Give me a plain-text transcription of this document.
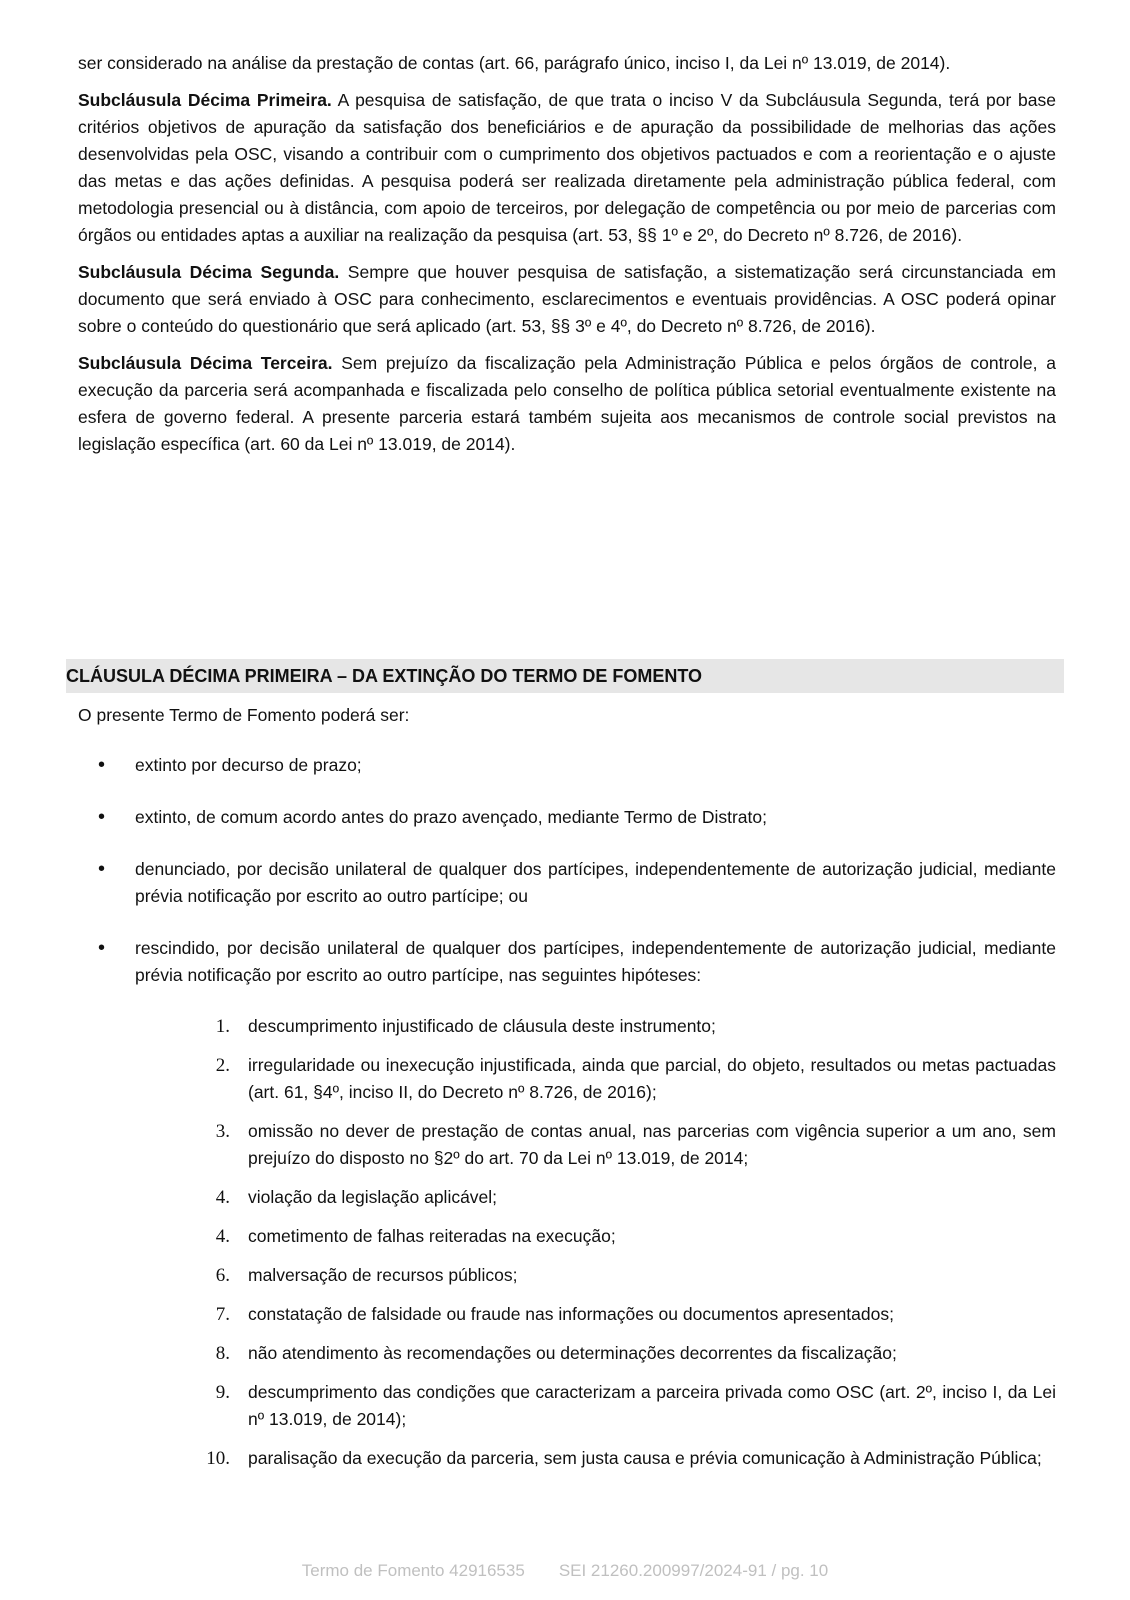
ser considerado na análise da prestação de contas (art. 66, parágrafo único, inciso I, da Lei nº 13.019, de 2014).

Subcláusula Décima Primeira. A pesquisa de satisfação, de que trata o inciso V da Subcláusula Segunda, terá por base critérios objetivos de apuração da satisfação dos beneficiários e de apuração da possibilidade de melhorias das ações desenvolvidas pela OSC, visando a contribuir com o cumprimento dos objetivos pactuados e com a reorientação e o ajuste das metas e das ações definidas. A pesquisa poderá ser realizada diretamente pela administração pública federal, com metodologia presencial ou à distância, com apoio de terceiros, por delegação de competência ou por meio de parcerias com órgãos ou entidades aptas a auxiliar na realização da pesquisa (art. 53, §§ 1º e 2º, do Decreto nº 8.726, de 2016).

Subcláusula Décima Segunda. Sempre que houver pesquisa de satisfação, a sistematização será circunstanciada em documento que será enviado à OSC para conhecimento, esclarecimentos e eventuais providências. A OSC poderá opinar sobre o conteúdo do questionário que será aplicado (art. 53, §§ 3º e 4º, do Decreto nº 8.726, de 2016).

Subcláusula Décima Terceira. Sem prejuízo da fiscalização pela Administração Pública e pelos órgãos de controle, a execução da parceria será acompanhada e fiscalizada pelo conselho de política pública setorial eventualmente existente na esfera de governo federal. A presente parceria estará também sujeita aos mecanismos de controle social previstos na legislação específica (art. 60 da Lei nº 13.019, de 2014).

CLÁUSULA DÉCIMA PRIMEIRA – DA EXTINÇÃO DO TERMO DE FOMENTO
O presente Termo de Fomento poderá ser:
• extinto por decurso de prazo;
• extinto, de comum acordo antes do prazo avençado, mediante Termo de Distrato;
• denunciado, por decisão unilateral de qualquer dos partícipes, independentemente de autorização judicial, mediante prévia notificação por escrito ao outro partícipe; ou
• rescindido, por decisão unilateral de qualquer dos partícipes, independentemente de autorização judicial, mediante prévia notificação por escrito ao outro partícipe, nas seguintes hipóteses:
1. descumprimento injustificado de cláusula deste instrumento;
2. irregularidade ou inexecução injustificada, ainda que parcial, do objeto, resultados ou metas pactuadas (art. 61, §4º, inciso II, do Decreto nº 8.726, de 2016);
3. omissão no dever de prestação de contas anual, nas parcerias com vigência superior a um ano, sem prejuízo do disposto no §2º do art. 70 da Lei nº 13.019, de 2014;
4. violação da legislação aplicável;
4. cometimento de falhas reiteradas na execução;
6. malversação de recursos públicos;
7. constatação de falsidade ou fraude nas informações ou documentos apresentados;
8. não atendimento às recomendações ou determinações decorrentes da fiscalização;
9. descumprimento das condições que caracterizam a parceira privada como OSC (art. 2º, inciso I, da Lei nº 13.019, de 2014);
10. paralisação da execução da parceria, sem justa causa e prévia comunicação à Administração Pública;
Termo de Fomento 42916535 SEI 21260.200997/2024-91 / pg. 10
